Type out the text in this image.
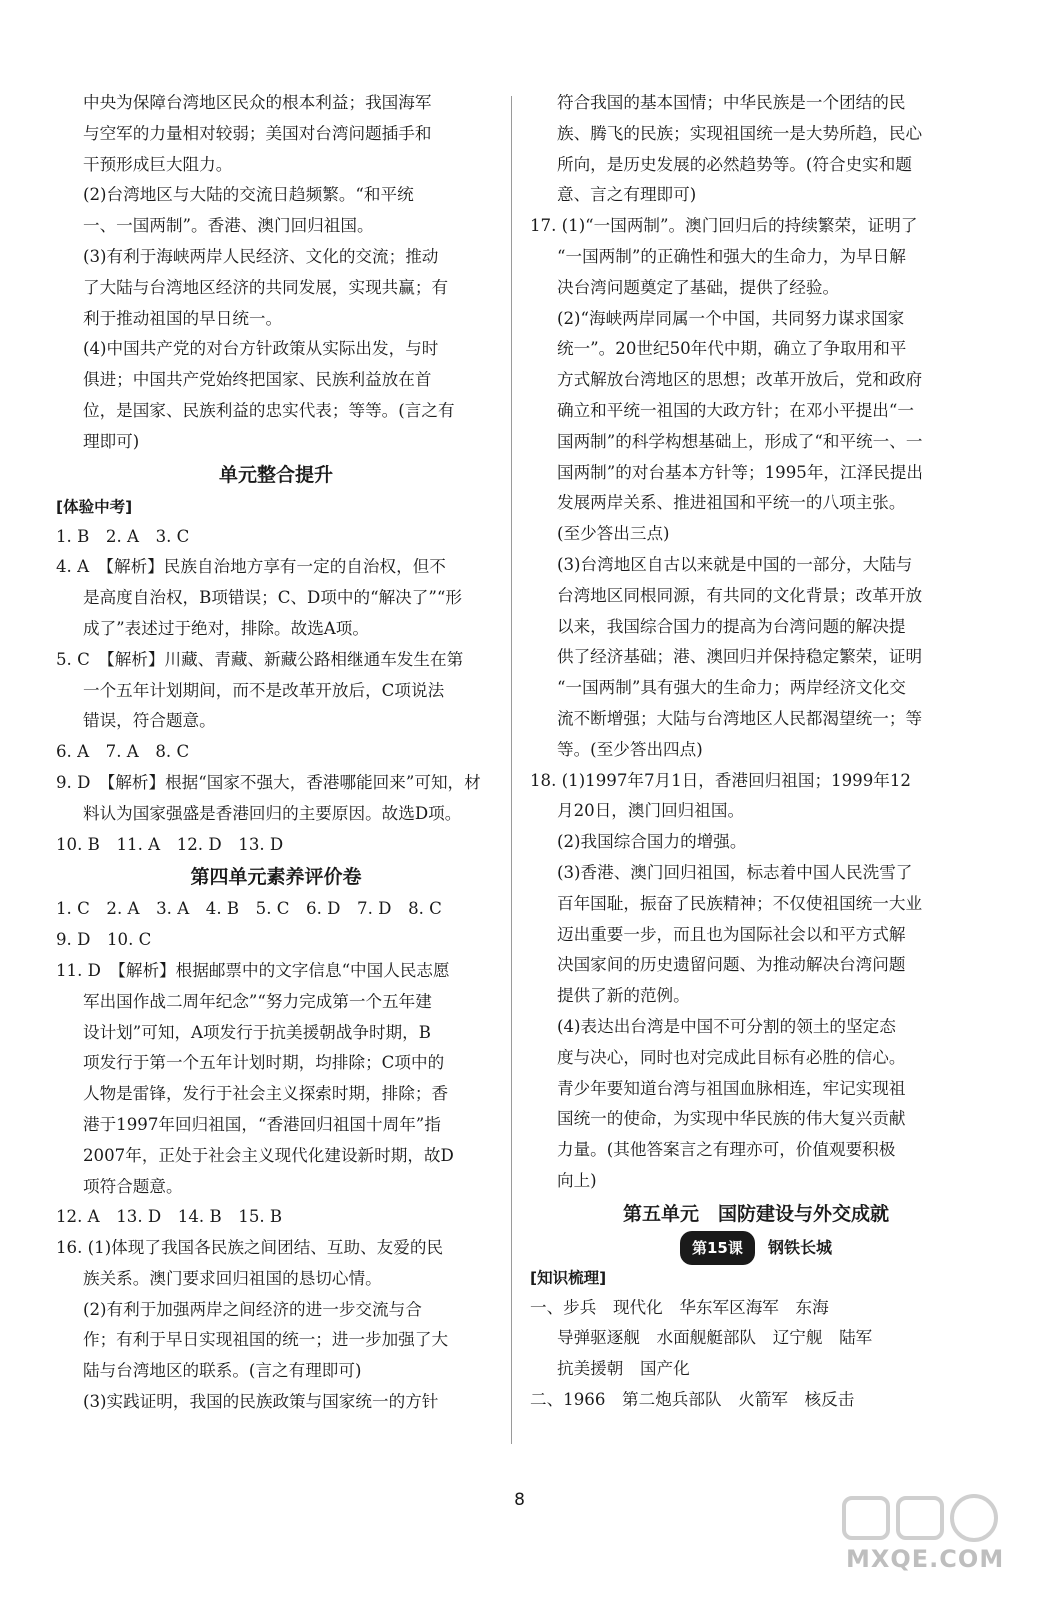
中央为保障台湾地区民众的根本利益；我国海军
与空军的力量相对较弱；美国对台湾问题插手和
干预形成巨大阻力。
(2)台湾地区与大陆的交流日趋频繁。“和平统
一、一国两制”。香港、澳门回归祖国。
(3)有利于海峡两岸人民经济、文化的交流；推动
了大陆与台湾地区经济的共同发展，实现共赢；有
利于推动祖国的早日统一。
(4)中国共产党的对台方针政策从实际出发，与时
俱进；中国共产党始终把国家、民族利益放在首
位，是国家、民族利益的忠实代表；等等。(言之有
理即可)
单元整合提升
[体验中考]
1. B　2. A　3. C
4. A　【解析】民族自治地方享有一定的自治权，但不
是高度自治权，B项错误；C、D项中的“解决了”“形
成了”表述过于绝对，排除。故选A项。
5. C　【解析】川藏、青藏、新藏公路相继通车发生在第
一个五年计划期间，而不是改革开放后，C项说法
错误，符合题意。
6. A　7. A　8. C
9. D　【解析】根据“国家不强大，香港哪能回来”可知，材
料认为国家强盛是香港回归的主要原因。故选D项。
10. B　11. A　12. D　13. D
第四单元素养评价卷
1. C　2. A　3. A　4. B　5. C　6. D　7. D　8. C
9. D　10. C
11. D　【解析】根据邮票中的文字信息“中国人民志愿
军出国作战二周年纪念”“努力完成第一个五年建
设计划”可知，A项发行于抗美援朝战争时期，B
项发行于第一个五年计划时期，均排除；C项中的
人物是雷锋，发行于社会主义探索时期，排除；香
港于1997年回归祖国，“香港回归祖国十周年”指
2007年，正处于社会主义现代化建设新时期，故D
项符合题意。
12. A　13. D　14. B　15. B
16. (1)体现了我国各民族之间团结、互助、友爱的民
族关系。澳门要求回归祖国的恳切心情。
(2)有利于加强两岸之间经济的进一步交流与合
作；有利于早日实现祖国的统一；进一步加强了大
陆与台湾地区的联系。(言之有理即可)
(3)实践证明，我国的民族政策与国家统一的方针
符合我国的基本国情；中华民族是一个团结的民
族、腾飞的民族；实现祖国统一是大势所趋，民心
所向，是历史发展的必然趋势等。(符合史实和题
意、言之有理即可)
17. (1)“一国两制”。澳门回归后的持续繁荣，证明了
“一国两制”的正确性和强大的生命力，为早日解
决台湾问题奠定了基础，提供了经验。
(2)“海峡两岸同属一个中国，共同努力谋求国家
统一”。20世纪50年代中期，确立了争取用和平
方式解放台湾地区的思想；改革开放后，党和政府
确立和平统一祖国的大政方针；在邓小平提出“一
国两制”的科学构想基础上，形成了“和平统一、一
国两制”的对台基本方针等；1995年，江泽民提出
发展两岸关系、推进祖国和平统一的八项主张。
(至少答出三点)
(3)台湾地区自古以来就是中国的一部分，大陆与
台湾地区同根同源，有共同的文化背景；改革开放
以来，我国综合国力的提高为台湾问题的解决提
供了经济基础；港、澳回归并保持稳定繁荣，证明
“一国两制”具有强大的生命力；两岸经济文化交
流不断增强；大陆与台湾地区人民都渴望统一；等
等。(至少答出四点)
18. (1)1997年7月1日，香港回归祖国；1999年12
月20日，澳门回归祖国。
(2)我国综合国力的增强。
(3)香港、澳门回归祖国，标志着中国人民洗雪了
百年国耻，振奋了民族精神；不仅使祖国统一大业
迈出重要一步，而且也为国际社会以和平方式解
决国家间的历史遗留问题、为推动解决台湾问题
提供了新的范例。
(4)表达出台湾是中国不可分割的领土的坚定态
度与决心，同时也对完成此目标有必胜的信心。
青少年要知道台湾与祖国血脉相连，牢记实现祖
国统一的使命，为实现中华民族的伟大复兴贡献
力量。(其他答案言之有理亦可，价值观要积极
向上)
第五单元　国防建设与外交成就
第15课 钢铁长城
[知识梳理]
一、步兵　现代化　华东军区海军　东海
导弹驱逐舰　水面舰艇部队　辽宁舰　陆军
抗美援朝　国产化
二、1966　第二炮兵部队　火箭军　核反击
8
MXQE.COM
